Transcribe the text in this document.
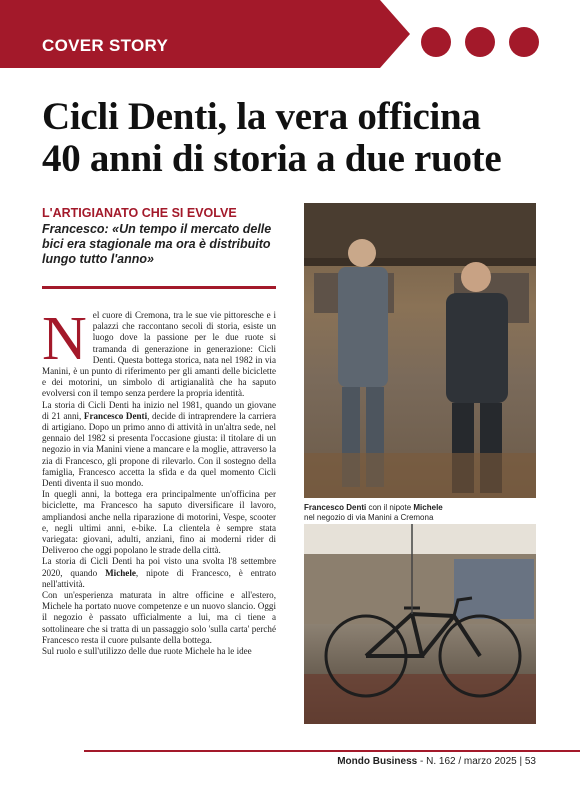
COVER STORY
Cicli Denti, la vera officina
40 anni di storia a due ruote
L'ARTIGIANATO CHE SI EVOLVE
Francesco: «Un tempo il mercato delle bici era stagionale ma ora è distribuito lungo tutto l'anno»
N el cuore di Cremona, tra le sue vie pittoresche e i palazzi che raccontano secoli di storia, esiste un luogo dove la passione per le due ruote si tramanda di generazione in generazione: Cicli Denti. Questa bottega storica, nata nel 1982 in via Manini, è un punto di riferimento per gli amanti delle biciclette e dei motorini, un simbolo di artigianalità che ha saputo evolversi con il tempo senza perdere la propria identità.

La storia di Cicli Denti ha inizio nel 1981, quando un giovane di 21 anni, Francesco Denti, decide di intraprendere la carriera di artigiano. Dopo un primo anno di attività in un'altra sede, nel gennaio del 1982 si presenta l'occasione giusta: il titolare di un negozio in via Manini viene a mancare e la moglie, attraverso la zia di Francesco, gli propone di rilevarlo. Con il sostegno della famiglia, Francesco accetta la sfida e da quel momento Cicli Denti diventa il suo mondo.

In quegli anni, la bottega era principalmente un'officina per biciclette, ma Francesco ha saputo diversificare il lavoro, ampliandosi anche nella riparazione di motorini, Vespe, scooter e, negli ultimi anni, e-bike. La clientela è sempre stata variegata: giovani, adulti, anziani, fino ai moderni rider di Deliveroo che oggi popolano le strade della città.

La storia di Cicli Denti ha poi visto una svolta l'8 settembre 2020, quando Michele, nipote di Francesco, è entrato nell'attività.

Con un'esperienza maturata in altre officine e all'estero, Michele ha portato nuove competenze e un nuovo slancio. Oggi il negozio è passato ufficialmente a lui, ma ci tiene a sottolineare che si tratta di un passaggio solo 'sulla carta' perché Francesco resta il cuore pulsante della bottega.

Sul ruolo e sull'utilizzo delle due ruote Michele ha le idee

Francesco Denti con il nipote Michele
nel negozio di via Manini a Cremona
Mondo Business - N. 162 / marzo 2025 | 53
